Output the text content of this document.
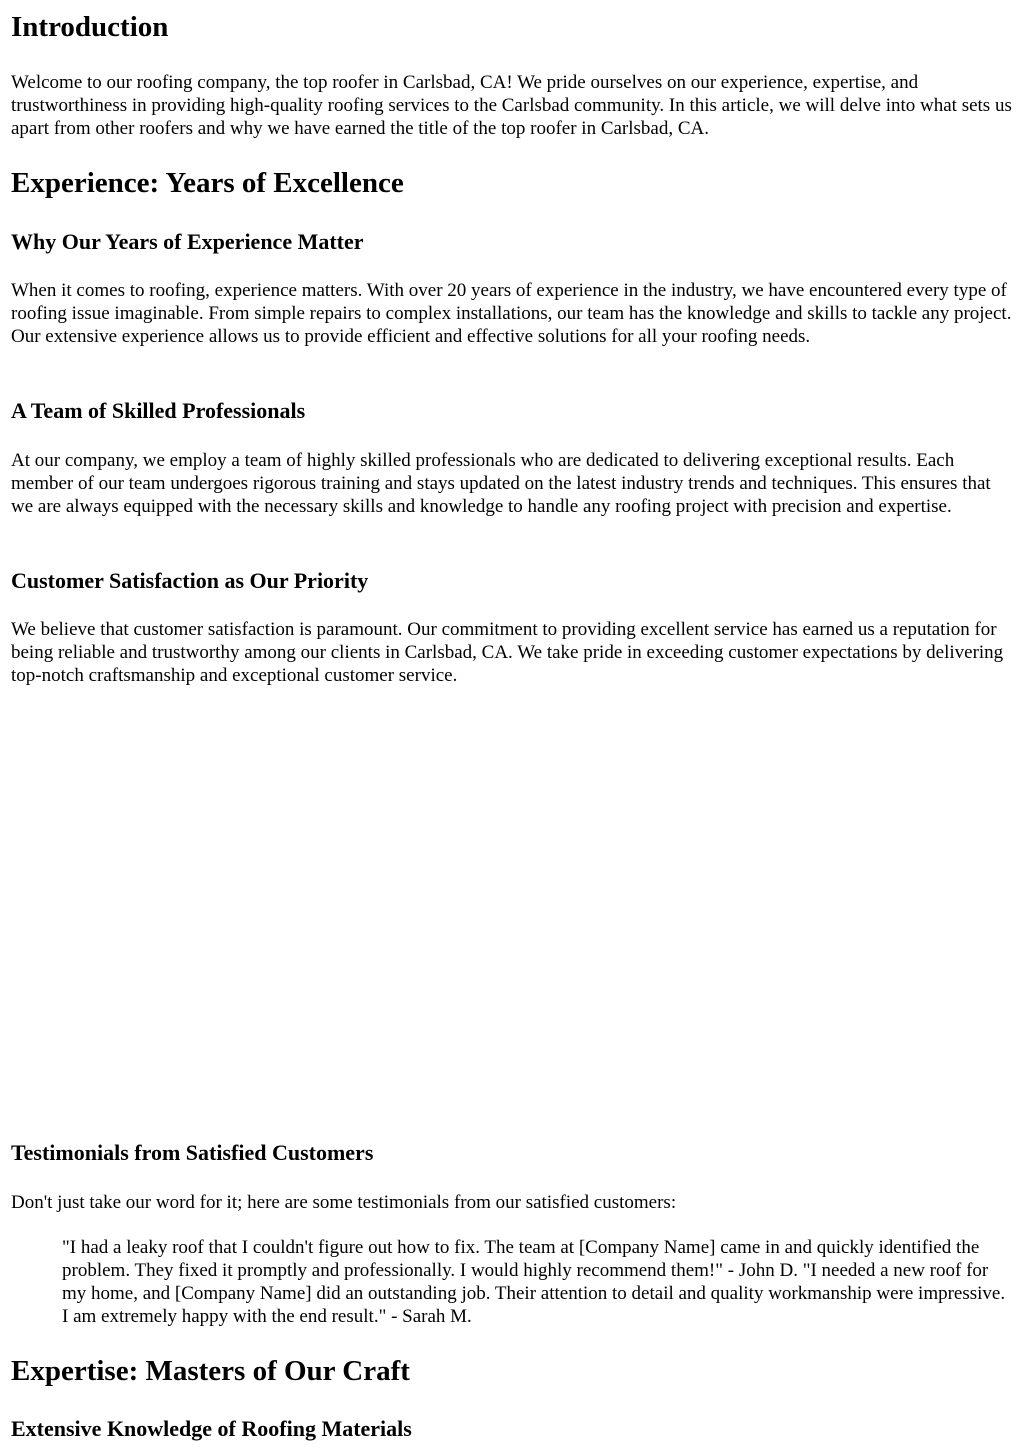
Introduction

Welcome to our roofing company, the top roofer in Carlsbad, CA! We pride ourselves on our experience, expertise, and trustworthiness in providing high-quality roofing services to the Carlsbad community. In this article, we will delve into what sets us apart from other roofers and why we have earned the title of the top roofer in Carlsbad, CA.

Experience: Years of Excellence
Why Our Years of Experience Matter

When it comes to roofing, experience matters. With over 20 years of experience in the industry, we have encountered every type of roofing issue imaginable. From simple repairs to complex installations, our team has the knowledge and skills to tackle any project. Our extensive experience allows us to provide efficient and effective solutions for all your roofing needs.

A Team of Skilled Professionals

At our company, we employ a team of highly skilled professionals who are dedicated to delivering exceptional results. Each member of our team undergoes rigorous training and stays updated on the latest industry trends and techniques. This ensures that we are always equipped with the necessary skills and knowledge to handle any roofing project with precision and expertise.

Customer Satisfaction as Our Priority

We believe that customer satisfaction is paramount. Our commitment to providing excellent service has earned us a reputation for being reliable and trustworthy among our clients in Carlsbad, CA. We take pride in exceeding customer expectations by delivering top-notch craftsmanship and exceptional customer service.

Testimonials from Satisfied Customers

Don't just take our word for it; here are some testimonials from our satisfied customers:

"I had a leaky roof that I couldn't figure out how to fix. The team at [Company Name] came in and quickly identified the problem. They fixed it promptly and professionally. I would highly recommend them!" - John D. "I needed a new roof for my home, and [Company Name] did an outstanding job. Their attention to detail and quality workmanship were impressive. I am extremely happy with the end result." - Sarah M.
Expertise: Masters of Our Craft
Extensive Knowledge of Roofing Materials
